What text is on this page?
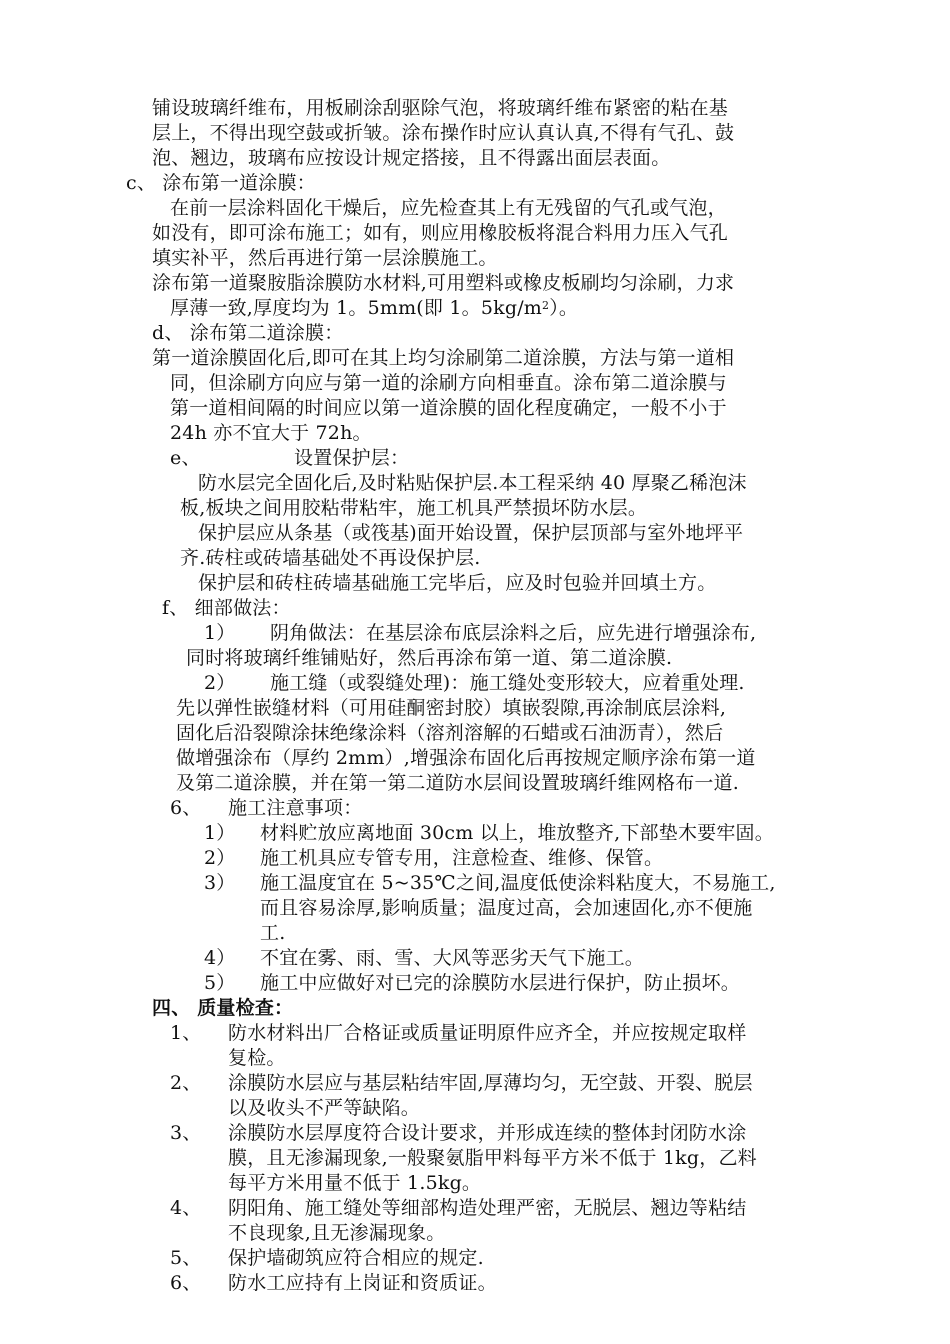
铺设玻璃纤维布，用板刷涂刮驱除气泡，将玻璃纤维布紧密的粘在基
层上，不得出现空鼓或折皱。涂布操作时应认真认真,不得有气孔、鼓
泡、翘边，玻璃布应按设计规定搭接，且不得露出面层表面。
c、 涂布第一道涂膜：
在前一层涂料固化干燥后，应先检查其上有无残留的气孔或气泡，
如没有，即可涂布施工；如有，则应用橡胶板将混合料用力压入气孔
填实补平，然后再进行第一层涂膜施工。
涂布第一道聚胺脂涂膜防水材料,可用塑料或橡皮板刷均匀涂刷，力求
厚薄一致,厚度均为 1。5mm(即 1。$5kg/m^2$）。
d、 涂布第二道涂膜：
第一道涂膜固化后,即可在其上均匀涂刷第二道涂膜，方法与第一道相
同，但涂刷方向应与第一道的涂刷方向相垂直。涂布第二道涂膜与
第一道相间隔的时间应以第一道涂膜的固化程度确定，一般不小于
24h 亦不宜大于 72h。
e、	设置保护层：
防水层完全固化后,及时粘贴保护层.本工程采纳 40 厚聚乙稀泡沫
板,板块之间用胶粘带粘牢，施工机具严禁损坏防水层。
保护层应从条基（或筏基)面开始设置，保护层顶部与室外地坪平
齐.砖柱或砖墙基础处不再设保护层.
保护层和砖柱砖墙基础施工完毕后，应及时包验并回填土方。
f、 细部做法：
1） 阴角做法：在基层涂布底层涂料之后，应先进行增强涂布,
同时将玻璃纤维铺贴好，然后再涂布第一道、第二道涂膜.
2） 施工缝（或裂缝处理)：施工缝处变形较大，应着重处理.
先以弹性嵌缝材料（可用硅酮密封胶）填嵌裂隙,再涂制底层涂料,
固化后沿裂隙涂抹绝缘涂料（溶剂溶解的石蜡或石油沥青），然后
做增强涂布（厚约 2mm）,增强涂布固化后再按规定顺序涂布第一道
及第二道涂膜，并在第一第二道防水层间设置玻璃纤维网格布一道.
6、 施工注意事项：
1） 材料贮放应离地面 30cm 以上，堆放整齐,下部垫木要牢固。
2） 施工机具应专管专用，注意检查、维修、保管。
3） 施工温度宜在 5~35℃之间,温度低使涂料粘度大，不易施工,
而且容易涂厚,影响质量；温度过高，会加速固化,亦不便施
工.
4） 不宜在雾、雨、雪、大风等恶劣天气下施工。
5） 施工中应做好对已完的涂膜防水层进行保护，防止损坏。
四、 质量检查：
1、 防水材料出厂合格证或质量证明原件应齐全，并应按规定取样
复检。
2、 涂膜防水层应与基层粘结牢固,厚薄均匀，无空鼓、开裂、脱层
以及收头不严等缺陷。
3、 涂膜防水层厚度符合设计要求，并形成连续的整体封闭防水涂
膜，且无渗漏现象,一般聚氨脂甲料每平方米不低于 1kg，乙料
每平方米用量不低于 1.5kg。
4、 阴阳角、施工缝处等细部构造处理严密，无脱层、翘边等粘结
不良现象,且无渗漏现象。
5、 保护墙砌筑应符合相应的规定.
6、 防水工应持有上岗证和资质证。
